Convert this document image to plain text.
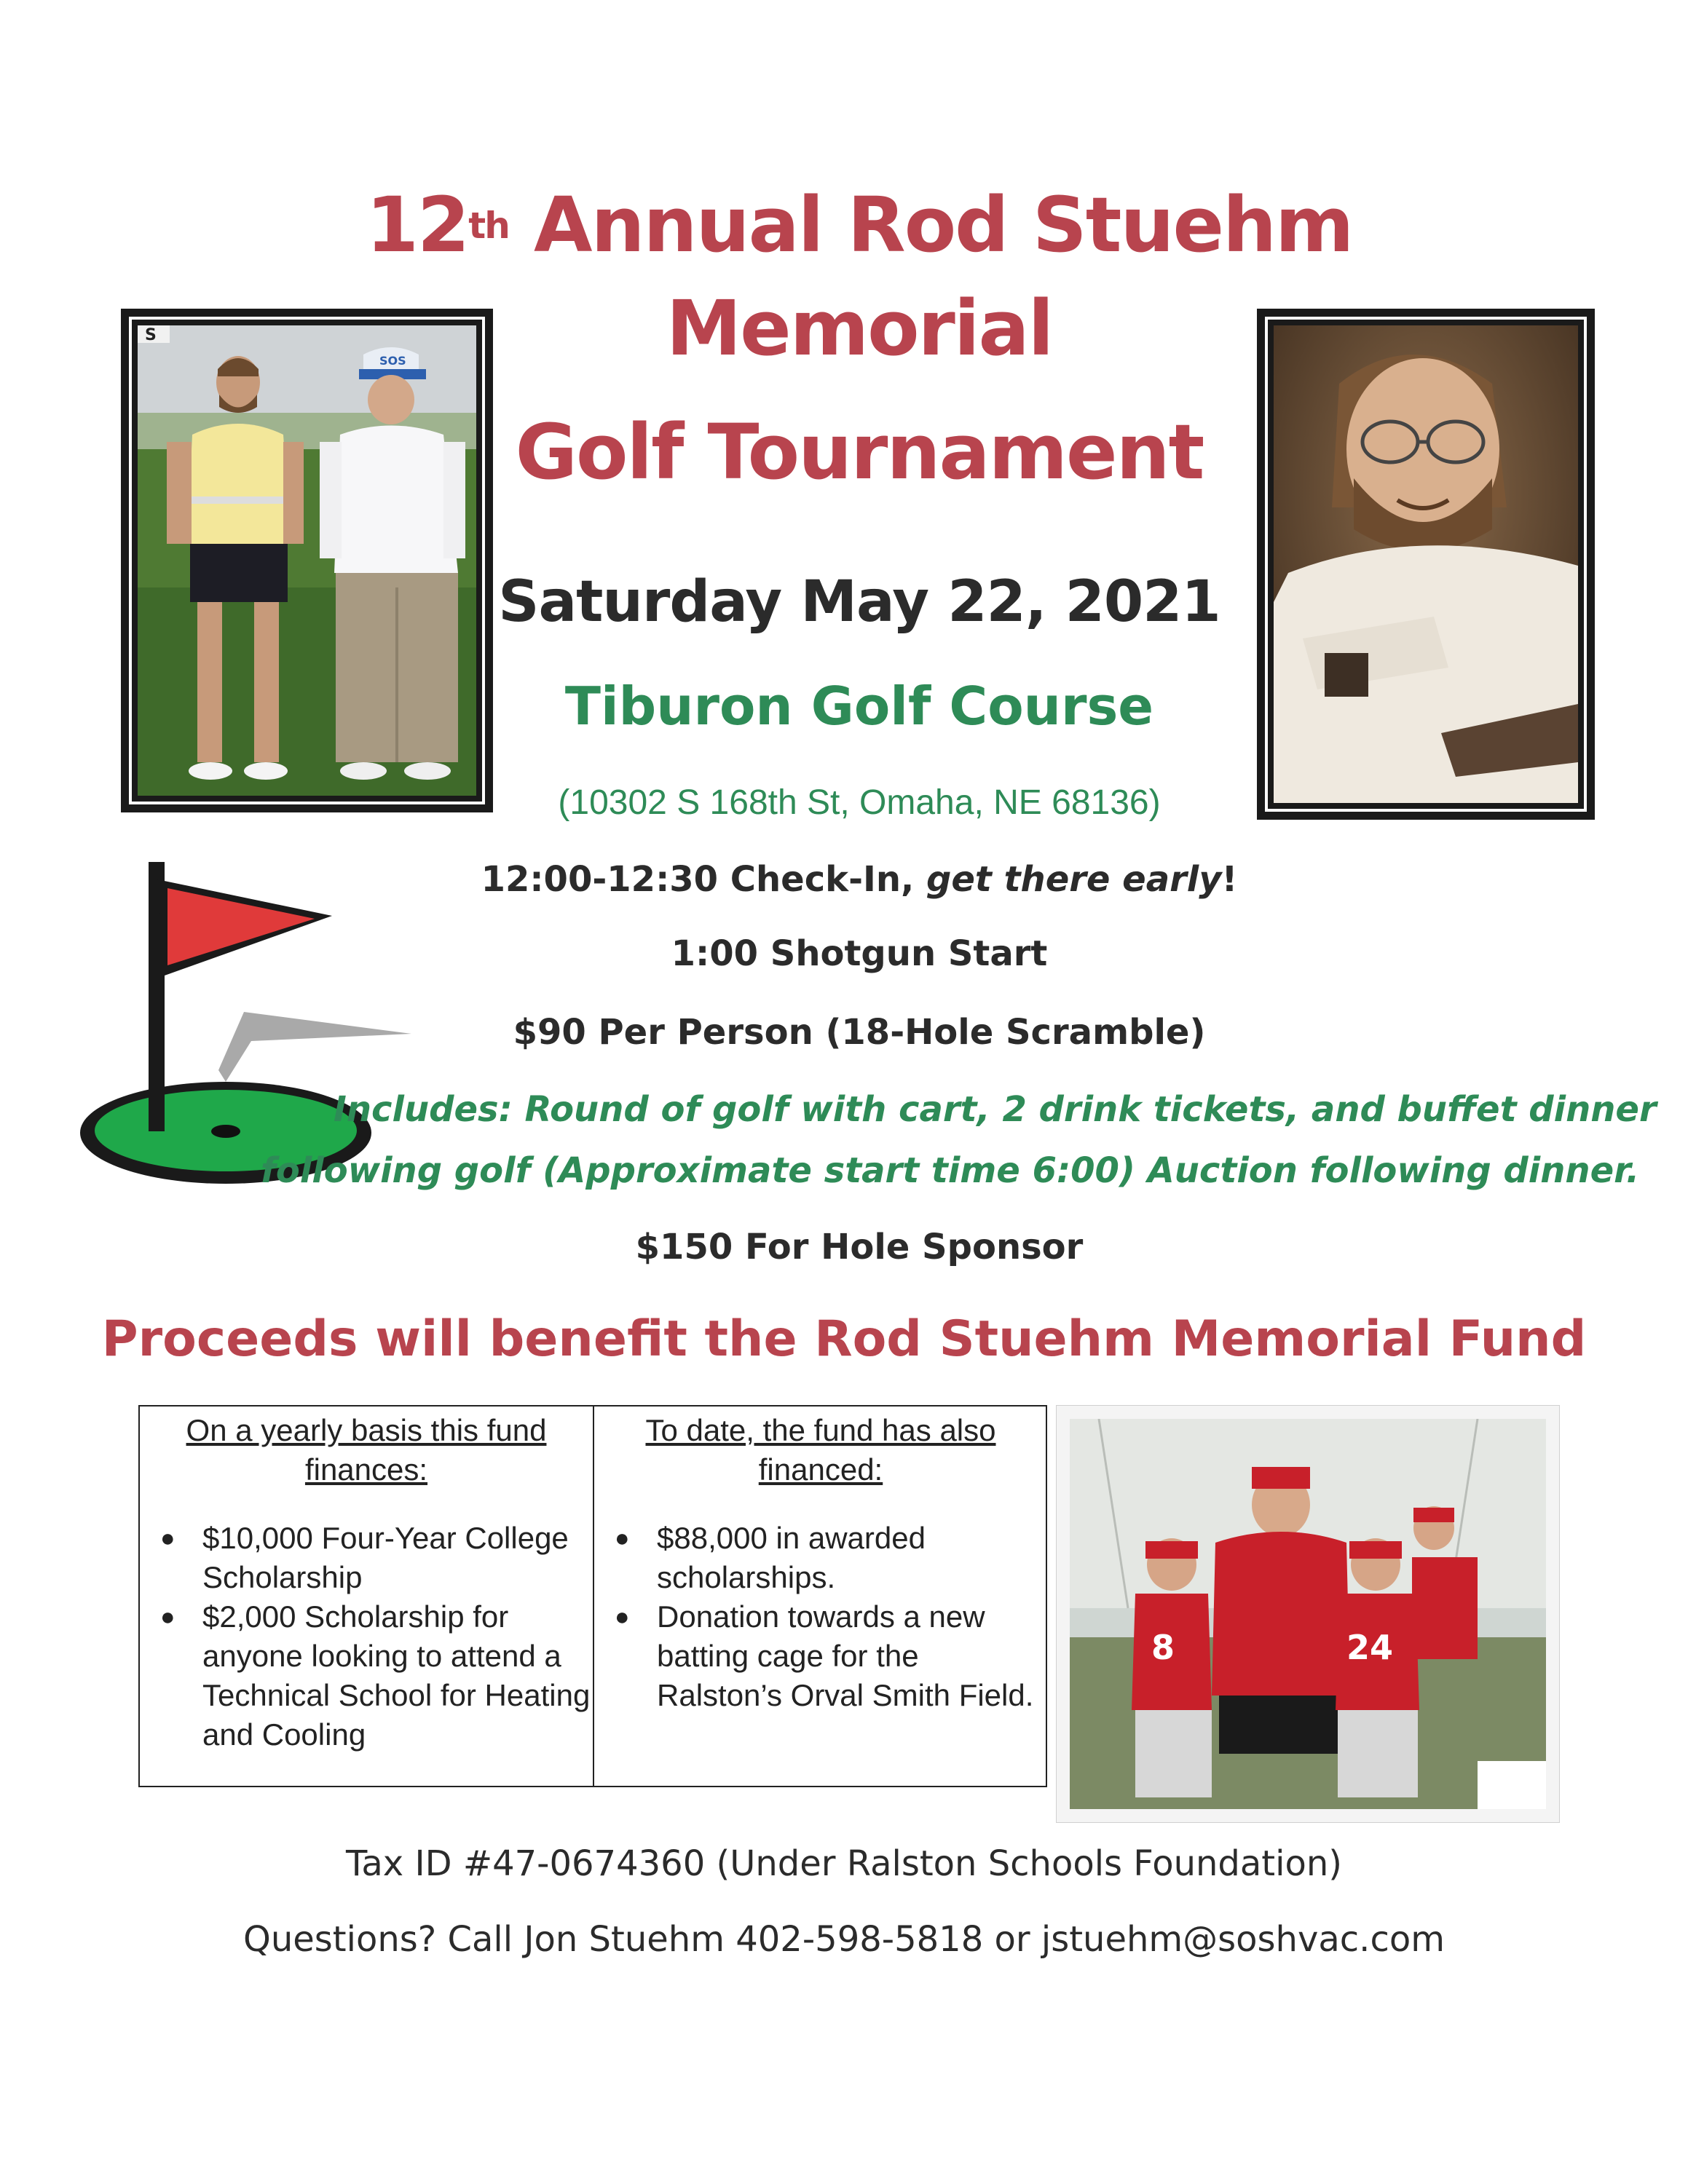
12th Annual Rod Stuehm
Memorial
Golf Tournament
S
SOS
Saturday May 22, 2021
Tiburon Golf Course
(10302 S 168th St, Omaha, NE 68136)
12:00-12:30 Check-In, get there early!
1:00 Shotgun Start
$90 Per Person (18-Hole Scramble)
Includes: Round of golf with cart, 2 drink tickets, and buffet dinner
following golf (Approximate start time 6:00) Auction following dinner.
$150 For Hole Sponsor
Proceeds will benefit the Rod Stuehm Memorial Fund
On a yearly basis this fund finances:
● $10,000 Four-Year College Scholarship
● $2,000 Scholarship for anyone looking to attend a Technical School for Heating and Cooling
To date, the fund has also financed:
● $88,000 in awarded scholarships.
● Donation towards a new batting cage for the Ralston’s Orval Smith Field.
8	24
Tax ID #47-0674360 (Under Ralston Schools Foundation)
Questions? Call Jon Stuehm 402-598-5818 or jstuehm@soshvac.com
